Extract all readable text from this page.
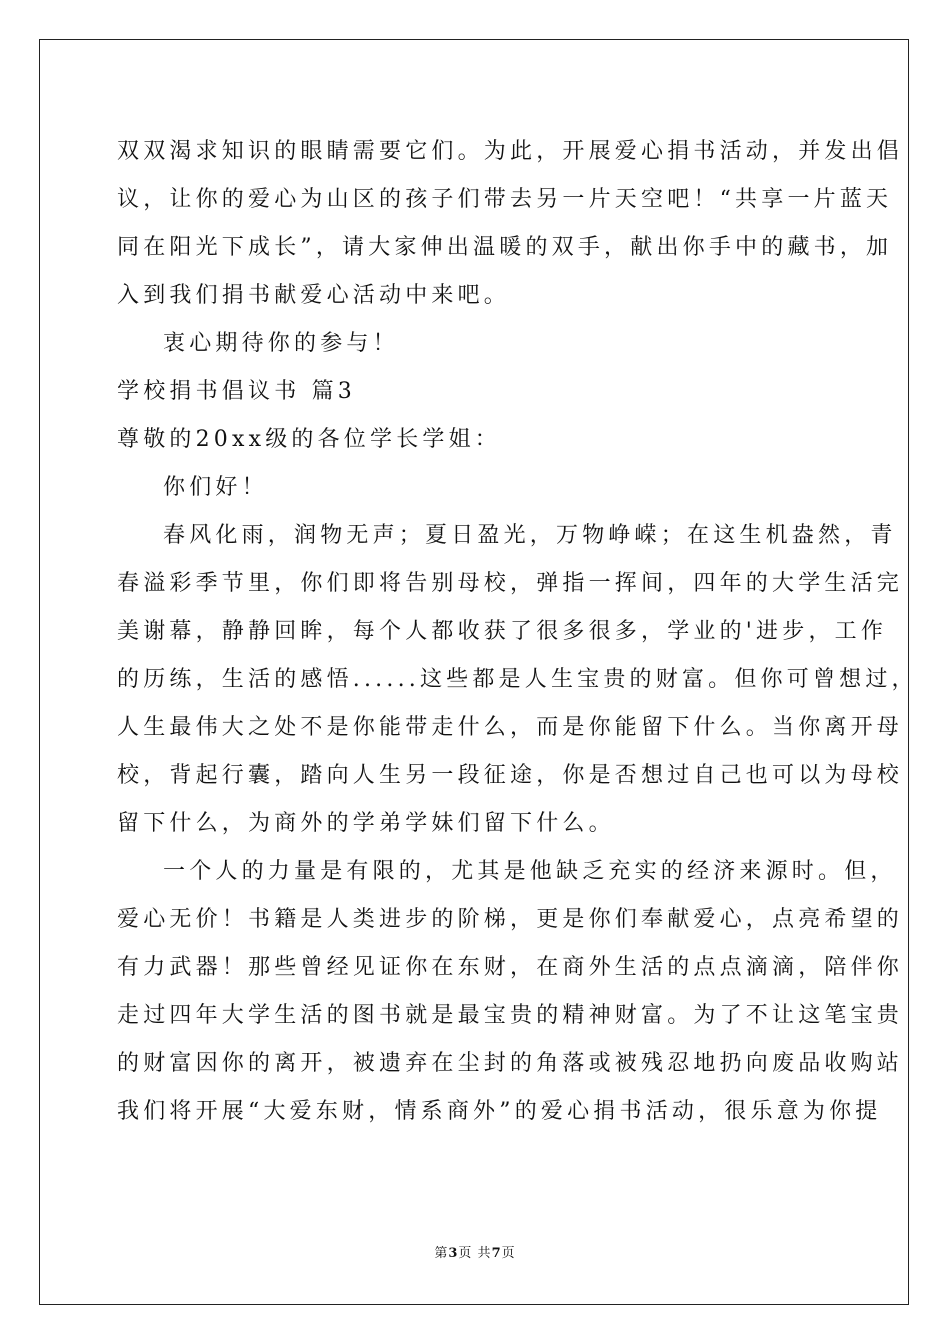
双双渴求知识的眼睛需要它们。为此，开展爱心捐书活动，并发出倡
议，让你的爱心为山区的孩子们带去另一片天空吧！“共享一片蓝天
同在阳光下成长”，请大家伸出温暖的双手，献出你手中的藏书，加
入到我们捐书献爱心活动中来吧。
衷心期待你的参与！
学校捐书倡议书 篇3
尊敬的20xx级的各位学长学姐：
你们好！
春风化雨，润物无声；夏日盈光，万物峥嵘；在这生机盎然，青
春溢彩季节里，你们即将告别母校，弹指一挥间，四年的大学生活完
美谢幕，静静回眸，每个人都收获了很多很多，学业的'进步，工作
的历练，生活的感悟......这些都是人生宝贵的财富。但你可曾想过，
人生最伟大之处不是你能带走什么，而是你能留下什么。当你离开母
校，背起行囊，踏向人生另一段征途，你是否想过自己也可以为母校
留下什么，为商外的学弟学妹们留下什么。
一个人的力量是有限的，尤其是他缺乏充实的经济来源时。但，
爱心无价！书籍是人类进步的阶梯，更是你们奉献爱心，点亮希望的
有力武器！那些曾经见证你在东财，在商外生活的点点滴滴，陪伴你
走过四年大学生活的图书就是最宝贵的精神财富。为了不让这笔宝贵
的财富因你的离开，被遗弃在尘封的角落或被残忍地扔向废品收购站
我们将开展“大爱东财，情系商外”的爱心捐书活动，很乐意为你提
第3页 共7页
